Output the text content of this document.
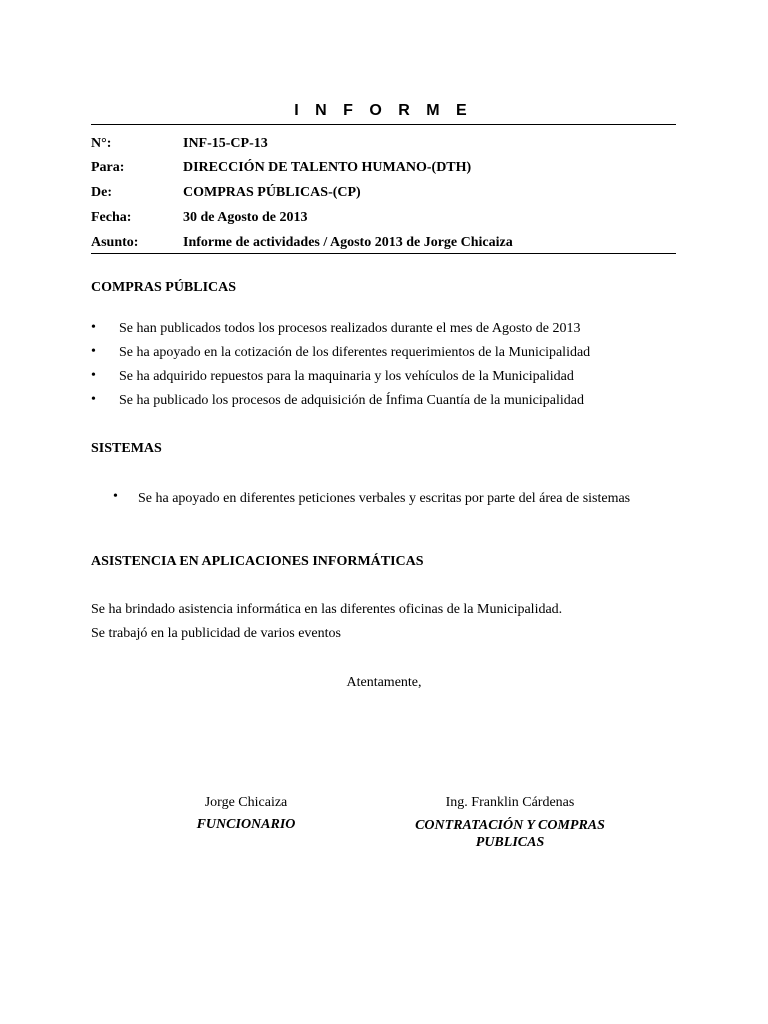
I N F O R M E
N°:	INF-15-CP-13
Para:	DIRECCIÓN DE TALENTO HUMANO-(DTH)
De:	COMPRAS PÚBLICAS-(CP)
Fecha:	30 de Agosto de 2013
Asunto:	Informe de actividades / Agosto 2013 de Jorge Chicaiza
COMPRAS PÚBLICAS
• Se han publicados todos los procesos realizados durante el mes de Agosto de 2013
• Se ha apoyado en la cotización de los diferentes requerimientos de la Municipalidad
• Se ha adquirido repuestos para la maquinaria y los vehículos de la Municipalidad
• Se ha publicado los procesos de adquisición de Ínfima Cuantía de la municipalidad
SISTEMAS
• Se ha apoyado en diferentes peticiones verbales y escritas por parte del área de sistemas
ASISTENCIA EN APLICACIONES INFORMÁTICAS
Se ha brindado asistencia informática en las diferentes oficinas de la Municipalidad.
Se trabajó en la publicidad de varios eventos
Atentamente,
Jorge Chicaiza
FUNCIONARIO
Ing. Franklin Cárdenas
CONTRATACIÓN Y COMPRAS PUBLICAS
